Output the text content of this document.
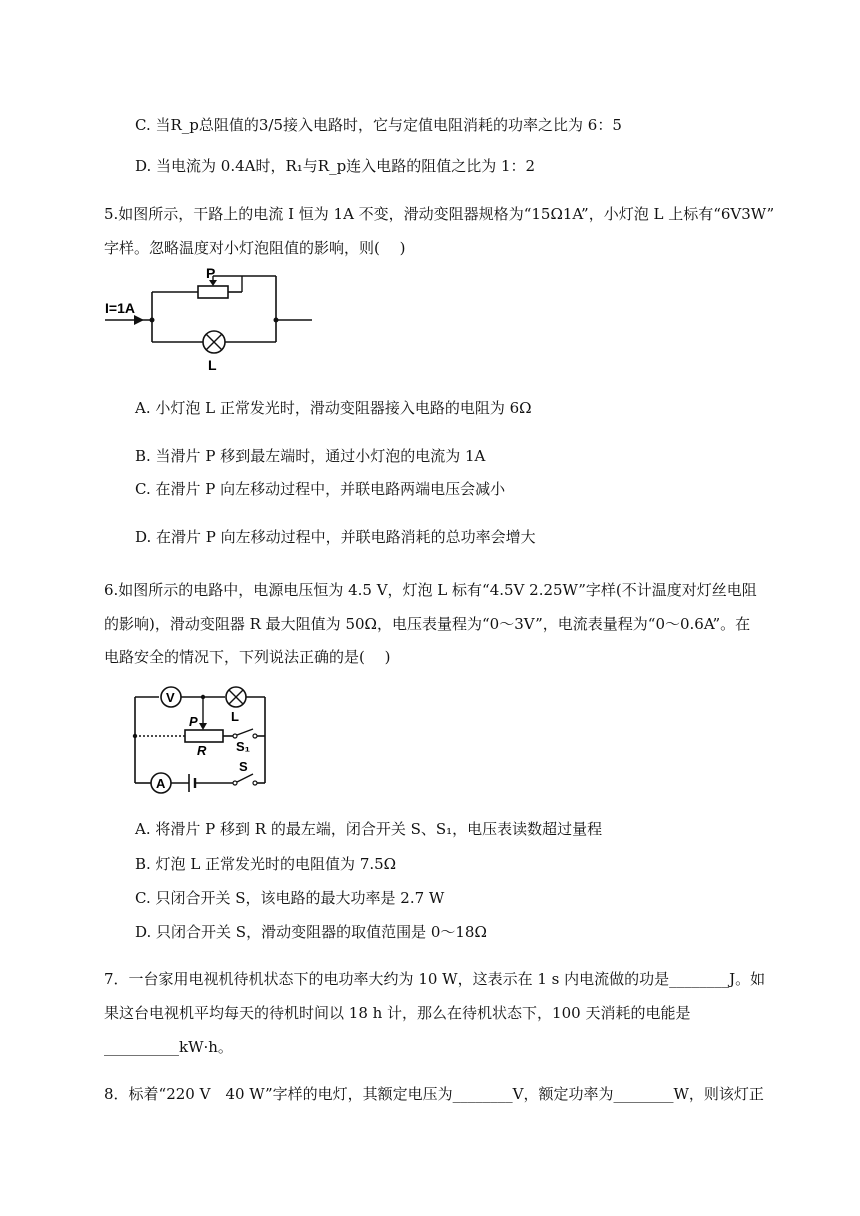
C. 当R_p总阻值的3/5接入电路时，它与定值电阻消耗的功率之比为 6：5
D. 当电流为 0.4A时，R₁与R_p连入电路的阻值之比为 1：2
5.如图所示，干路上的电流 I 恒为 1A 不变，滑动变阻器规格为“15Ω1A”，小灯泡 L 上标有“6V3W”
字样。忽略温度对小灯泡阻值的影响，则(　 )
I=1A
P
L
A. 小灯泡 L 正常发光时，滑动变阻器接入电路的电阻为 6Ω
B. 当滑片 P 移到最左端时，通过小灯泡的电流为 1A
C. 在滑片 P 向左移动过程中，并联电路两端电压会减小
D. 在滑片 P 向左移动过程中，并联电路消耗的总功率会增大
6.如图所示的电路中，电源电压恒为 4.5 V，灯泡 L 标有“4.5V 2.25W”字样(不计温度对灯丝电阻
的影响)，滑动变阻器 R 最大阻值为 50Ω，电压表量程为“0～3V”，电流表量程为“0～0.6A”。在
电路安全的情况下，下列说法正确的是(　 )
V
A
L
P
R S₁
S
A. 将滑片 P 移到 R 的最左端，闭合开关 S、S₁，电压表读数超过量程
B. 灯泡 L 正常发光时的电阻值为 7.5Ω
C. 只闭合开关 S，该电路的最大功率是 2.7 W
D. 只闭合开关 S，滑动变阻器的取值范围是 0～18Ω
7．一台家用电视机待机状态下的电功率大约为 10 W，这表示在 1 s 内电流做的功是________J。如
果这台电视机平均每天的待机时间以 18 h 计，那么在待机状态下，100 天消耗的电能是
__________kW·h。
8．标着“220 V　40 W”字样的电灯，其额定电压为________V，额定功率为________W，则该灯正
